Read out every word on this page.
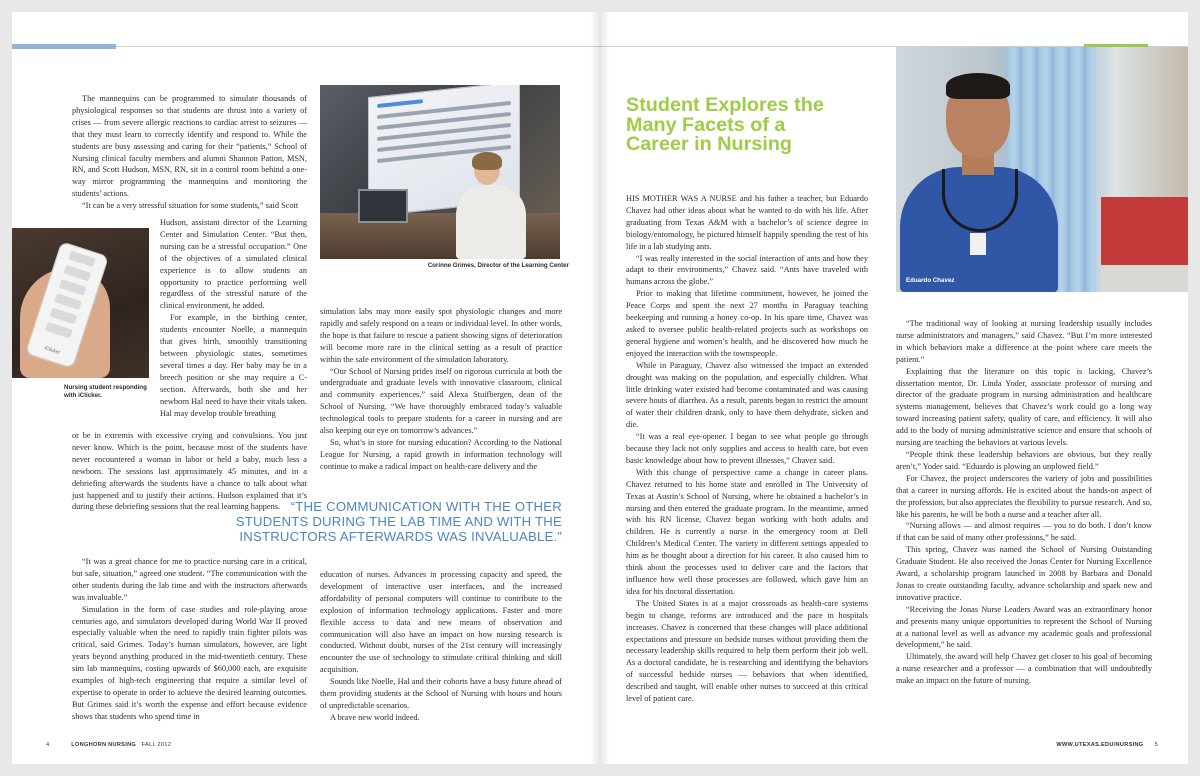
The mannequins can be programmed to simulate thousands of physiological responses so that students are thrust into a variety of crises — from severe allergic reactions to cardiac arrest to seizures — that they must learn to correctly identify and respond to. While the students are busy assessing and caring for their “patients,” School of Nursing clinical faculty members and alumni Shannon Patton, MSN, RN, and Scott Hudson, MSN, RN, sit in a control room behind a one-way mirror programming the mannequins and monitoring the students’ actions.

“It can be a very stressful situation for some students,” said Scott

Hudson, assistant director of the Learning Center and Simulation Center. “But then, nursing can be a stressful occupation.” One of the objectives of a simulated clinical experience is to allow students an opportunity to practice performing well regardless of the stressful nature of the clinical environment, he added.

For example, in the birthing center, students encounter Noelle, a mannequin that gives birth, smoothly transitioning between physiologic states, sometimes several times a day. Her baby may be in a breech position or she may require a C-section. Afterwards, both she and her newborn Hal need to have their vitals taken. Hal may develop trouble breathing

or be in extremis with excessive crying and convulsions. You just never know. Which is the point, because most of the students have never encountered a woman in labor or held a baby, much less a newborn. The sessions last approximately 45 minutes, and in a debriefing afterwards the students have a chance to talk about what just happened and to justify their actions. Hudson explained that it’s during these debriefing sessions that the real learning happens.

“It was a great chance for me to practice nursing care in a critical, but safe, situation,” agreed one student. “The communication with the other students during the lab time and with the instructors afterwards was invaluable.”

Simulation in the form of case studies and role-playing arose centuries ago, and simulators developed during World War II proved especially valuable when the need to rapidly train fighter pilots was critical, said Grimes. Today’s human simulators, however, are light years beyond anything produced in the mid-twentieth century. These sim lab mannequins, costing upwards of $60,000 each, are exquisite examples of high-tech engineering that require a similar level of expertise to operate in order to achieve the desired learning outcomes. But Grimes said it’s worth the expense and effort because evidence shows that students who spend time in

simulation labs may more easily spot physiologic changes and more rapidly and safely respond on a team or individual level. In other words, the hope is that failure to rescue a patient showing signs of deterioration will become more rare in the clinical setting as a result of practice within the safe environment of the simulation laboratory.

“Our School of Nursing prides itself on rigorous curricula at both the undergraduate and graduate levels with innovative classroom, clinical and community experiences,” said Alexa Stuifbergen, dean of the School of Nursing. “We have thoroughly embraced today’s valuable technological tools to prepare students for a career in nursing and are also keeping our eye on tomorrow’s advances.”

So, what’s in store for nursing education? According to the National League for Nursing, a rapid growth in information technology will continue to make a radical impact on health-care delivery and the

education of nurses. Advances in processing capacity and speed, the development of interactive user interfaces, and the increased affordability of personal computers will continue to contribute to the explosion of information technology applications. Faster and more flexible access to data and new means of observation and communication will also have an impact on how nursing research is conducted. Without doubt, nurses of the 21st century will increasingly encounter the use of technology to stimulate critical thinking and skill acquisition.

Sounds like Noelle, Hal and their cohorts have a busy future ahead of them providing students at the School of Nursing with hours and hours of unpredictable scenarios.

A brave new world indeed.

Corinne Grimes, Director of the Learning Center
iClicker
Nursing student responding with iClicker.
“THE COMMUNICATION WITH THE OTHER STUDENTS DURING THE LAB TIME AND WITH THE INSTRUCTORS AFTERWARDS WAS INVALUABLE.”
4	LONGHORN NURSING FALL 2012
Student Explores the Many Facets of a Career in Nursing
Eduardo Chavez

HIS MOTHER WAS A NURSE and his father a teacher, but Eduardo Chavez had other ideas about what he wanted to do with his life. After graduating from Texas A&M with a bachelor’s of science degree in biology/entomology, he pictured himself happily spending the rest of his life in a lab studying ants.

“I was really interested in the social interaction of ants and how they adapt to their environments,” Chavez said. “Ants have traveled with humans across the globe.”

Prior to making that lifetime commitment, however, he joined the Peace Corps and spent the next 27 months in Paraguay teaching beekeeping and running a honey co-op. In his spare time, Chavez was asked to oversee public health-related projects such as workshops on general hygiene and women’s health, and he discovered how much he enjoyed the interaction with the townspeople.

While in Paraguay, Chavez also witnessed the impact an extended drought was making on the population, and especially children. What little drinking water existed had become contaminated and was causing severe bouts of diarrhea. As a result, parents began to restrict the amount of water their children drank, only to have them dehydrate, sicken and die.

“It was a real eye-opener. I began to see what people go through because they lack not only supplies and access to health care, but even basic knowledge about how to prevent illnesses,” Chavez said.

With this change of perspective came a change in career plans. Chavez returned to his home state and enrolled in The University of Texas at Austin’s School of Nursing, where he obtained a bachelor’s in nursing and then entered the graduate program. In the meantime, armed with his RN license, Chavez began working with both adults and children. He is currently a nurse in the emergency room at Dell Children’s Medical Center. The variety in different settings appealed to him as he thought about a direction for his career. It also caused him to think about the processes used to deliver care and the factors that influence how well those processes are followed, which gave him an idea for his doctoral dissertation.

The United States is at a major crossroads as health-care systems begin to change, reforms are introduced and the pace in hospitals increases. Chavez is concerned that these changes will place additional expectations and pressure on bedside nurses without providing them the necessary leadership skills required to help them perform their job well. As a doctoral candidate, he is researching and identifying the behaviors of successful bedside nurses — behaviors that when identified, described and taught, will enable other nurses to succeed at this critical level of patient care.

“The traditional way of looking at nursing leadership usually includes nurse administrators and managers,” said Chavez. “But I’m more interested in which behaviors make a difference at the point where care meets the patient.”

Explaining that the literature on this topic is lacking, Chavez’s dissertation mentor, Dr. Linda Yoder, associate professor of nursing and director of the graduate program in nursing administration and healthcare systems management, believes that Chavez’s work could go a long way toward increasing patient safety, quality of care, and efficiency. It will also add to the body of nursing administrative science and ensure that schools of nursing are teaching the behaviors at various levels.

“People think these leadership behaviors are obvious, but they really aren’t,” Yoder said. “Eduardo is plowing an unplowed field.”

For Chavez, the project underscores the variety of jobs and possibilities that a career in nursing affords. He is excited about the hands-on aspect of the profession, but also appreciates the flexibility to pursue research. And so, like his parents, he will be both a nurse and a teacher after all.

“Nursing allows — and almost requires — you to do both. I don’t know if that can be said of many other professions,” he said.

This spring, Chavez was named the School of Nursing Outstanding Graduate Student. He also received the Jonas Center for Nursing Excellence Award, a scholarship program launched in 2008 by Barbara and Donald Jonas to create outstanding faculty, advance scholarship and spark new and innovative practice.

“Receiving the Jonas Nurse Leaders Award was an extraordinary honor and presents many unique opportunities to represent the School of Nursing at a national level as well as advance my academic goals and professional development,” he said.

Ultimately, the award will help Chavez get closer to his goal of becoming a nurse researcher and a professor — a combination that will undoubtedly make an impact on the future of nursing.

WWW.UTEXAS.EDU/NURSING 5
